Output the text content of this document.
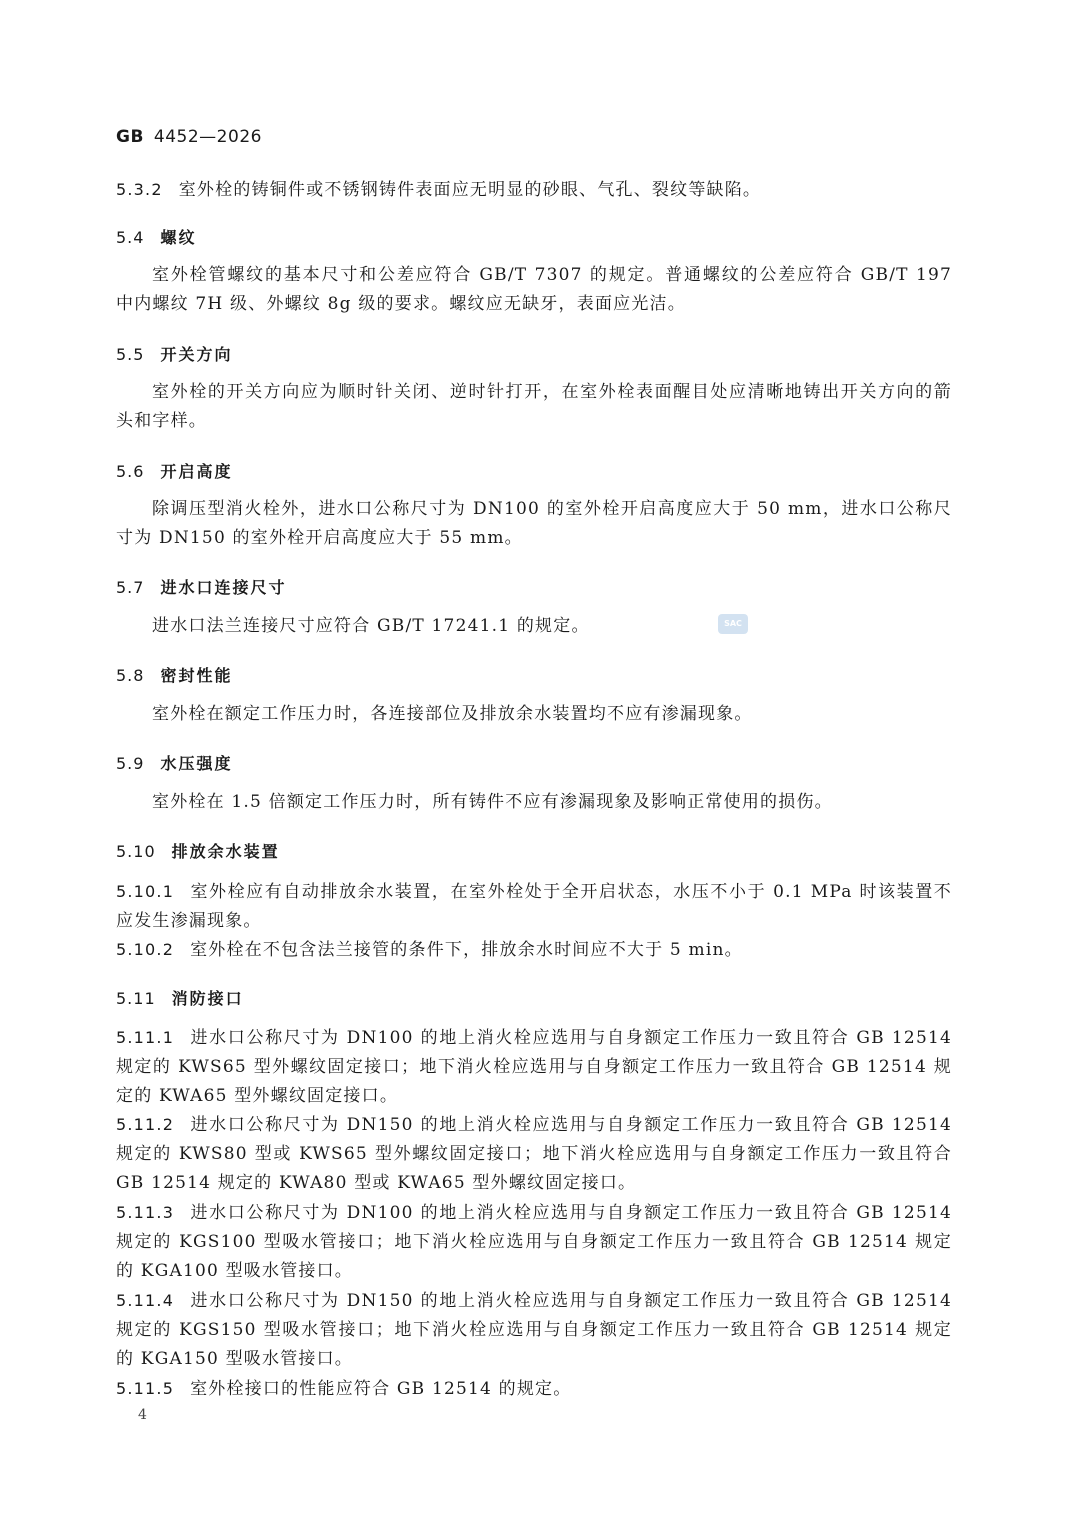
GB 4452—2026
5.3.2 室外栓的铸铜件或不锈钢铸件表面应无明显的砂眼、气孔、裂纹等缺陷。
5.4 螺纹
室外栓管螺纹的基本尺寸和公差应符合 GB/T 7307 的规定。普通螺纹的公差应符合 GB/T 197 中内螺纹 7H 级、外螺纹 8g 级的要求。螺纹应无缺牙，表面应光洁。
5.5 开关方向
室外栓的开关方向应为顺时针关闭、逆时针打开，在室外栓表面醒目处应清晰地铸出开关方向的箭头和字样。
5.6 开启高度
除调压型消火栓外，进水口公称尺寸为 DN100 的室外栓开启高度应大于 50 mm，进水口公称尺寸为 DN150 的室外栓开启高度应大于 55 mm。
5.7 进水口连接尺寸
进水口法兰连接尺寸应符合 GB/T 17241.1 的规定。
5.8 密封性能
室外栓在额定工作压力时，各连接部位及排放余水装置均不应有渗漏现象。
5.9 水压强度
室外栓在 1.5 倍额定工作压力时，所有铸件不应有渗漏现象及影响正常使用的损伤。
5.10 排放余水装置
5.10.1 室外栓应有自动排放余水装置，在室外栓处于全开启状态，水压不小于 0.1 MPa 时该装置不应发生渗漏现象。
5.10.2 室外栓在不包含法兰接管的条件下，排放余水时间应不大于 5 min。
5.11 消防接口
5.11.1 进水口公称尺寸为 DN100 的地上消火栓应选用与自身额定工作压力一致且符合 GB 12514 规定的 KWS65 型外螺纹固定接口；地下消火栓应选用与自身额定工作压力一致且符合 GB 12514 规定的 KWA65 型外螺纹固定接口。
5.11.2 进水口公称尺寸为 DN150 的地上消火栓应选用与自身额定工作压力一致且符合 GB 12514 规定的 KWS80 型或 KWS65 型外螺纹固定接口；地下消火栓应选用与自身额定工作压力一致且符合 GB 12514 规定的 KWA80 型或 KWA65 型外螺纹固定接口。
5.11.3 进水口公称尺寸为 DN100 的地上消火栓应选用与自身额定工作压力一致且符合 GB 12514 规定的 KGS100 型吸水管接口；地下消火栓应选用与自身额定工作压力一致且符合 GB 12514 规定的 KGA100 型吸水管接口。
5.11.4 进水口公称尺寸为 DN150 的地上消火栓应选用与自身额定工作压力一致且符合 GB 12514 规定的 KGS150 型吸水管接口；地下消火栓应选用与自身额定工作压力一致且符合 GB 12514 规定的 KGA150 型吸水管接口。
5.11.5 室外栓接口的性能应符合 GB 12514 的规定。
SAC
4
